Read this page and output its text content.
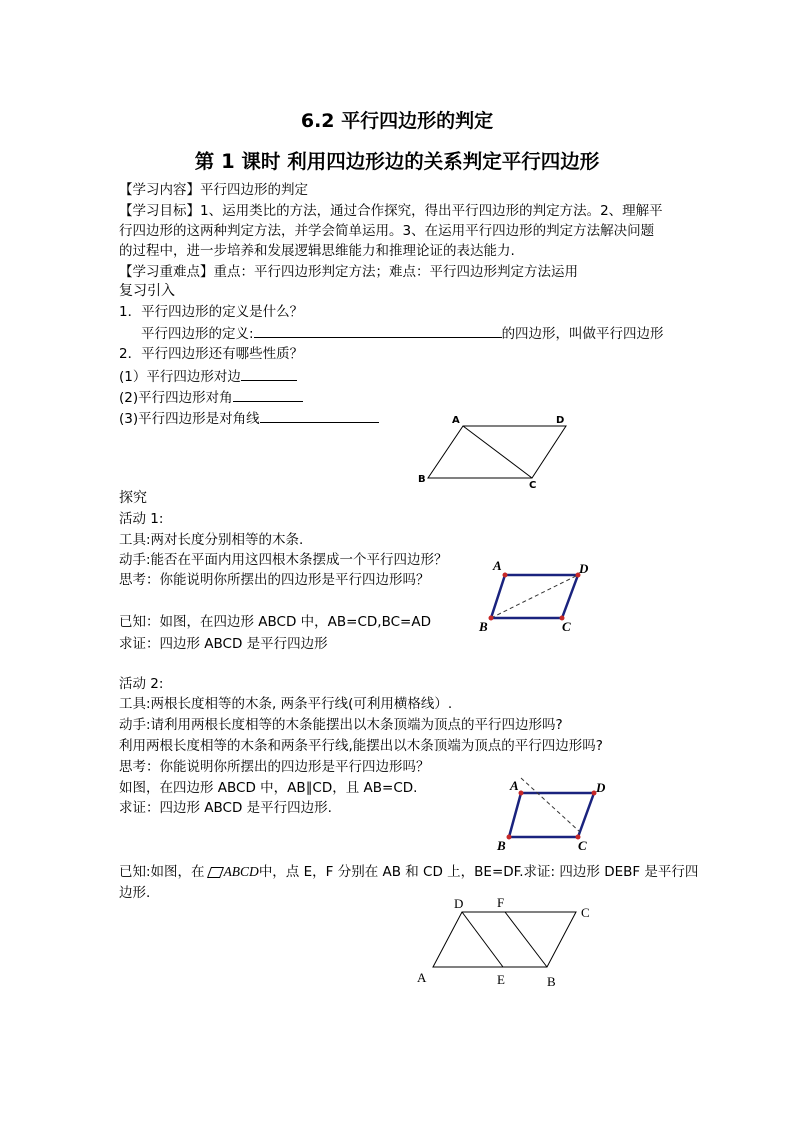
6.2 平行四边形的判定
第 1 课时 利用四边形边的关系判定平行四边形
【学习内容】平行四边形的判定
【学习目标】1、运用类比的方法，通过合作探究，得出平行四边形的判定方法。2、理解平
行四边形的这两种判定方法，并学会简单运用。3、在运用平行四边形的判定方法解决问题
的过程中，进一步培养和发展逻辑思维能力和推理论证的表达能力.
【学习重难点】重点：平行四边形判定方法；难点：平行四边形判定方法运用
复习引入
1．平行四边形的定义是什么？
平行四边形的定义:	的四边形，叫做平行四边形
2．平行四边形还有哪些性质？
(1）平行四边形对边
(2)平行四边形对角
(3)平行四边形是对角线
探究
活动 1:
工具:两对长度分别相等的木条.
动手:能否在平面内用这四根木条摆成一个平行四边形？
思考：你能说明你所摆出的四边形是平行四边形吗？
已知：如图，在四边形 ABCD 中，AB=CD,BC=AD
求证：四边形 ABCD 是平行四边形
活动 2:
工具:两根长度相等的木条, 两条平行线(可利用横格线）.
动手:请利用两根长度相等的木条能摆出以木条顶端为顶点的平行四边形吗?
利用两根长度相等的木条和两条平行线,能摆出以木条顶端为顶点的平行四边形吗?
思考：你能说明你所摆出的四边形是平行四边形吗？
如图，在四边形 ABCD 中，AB∥CD，且 AB=CD.
求证：四边形 ABCD 是平行四边形.
已知:如图，在 ABCD中，点 E，F 分别在 AB 和 CD 上，BE=DF.求证: 四边形 DEBF 是平行四
边形.
A	D
B
C
A	D
B	C
A	D
B	C
D	F
C
A	E	B
